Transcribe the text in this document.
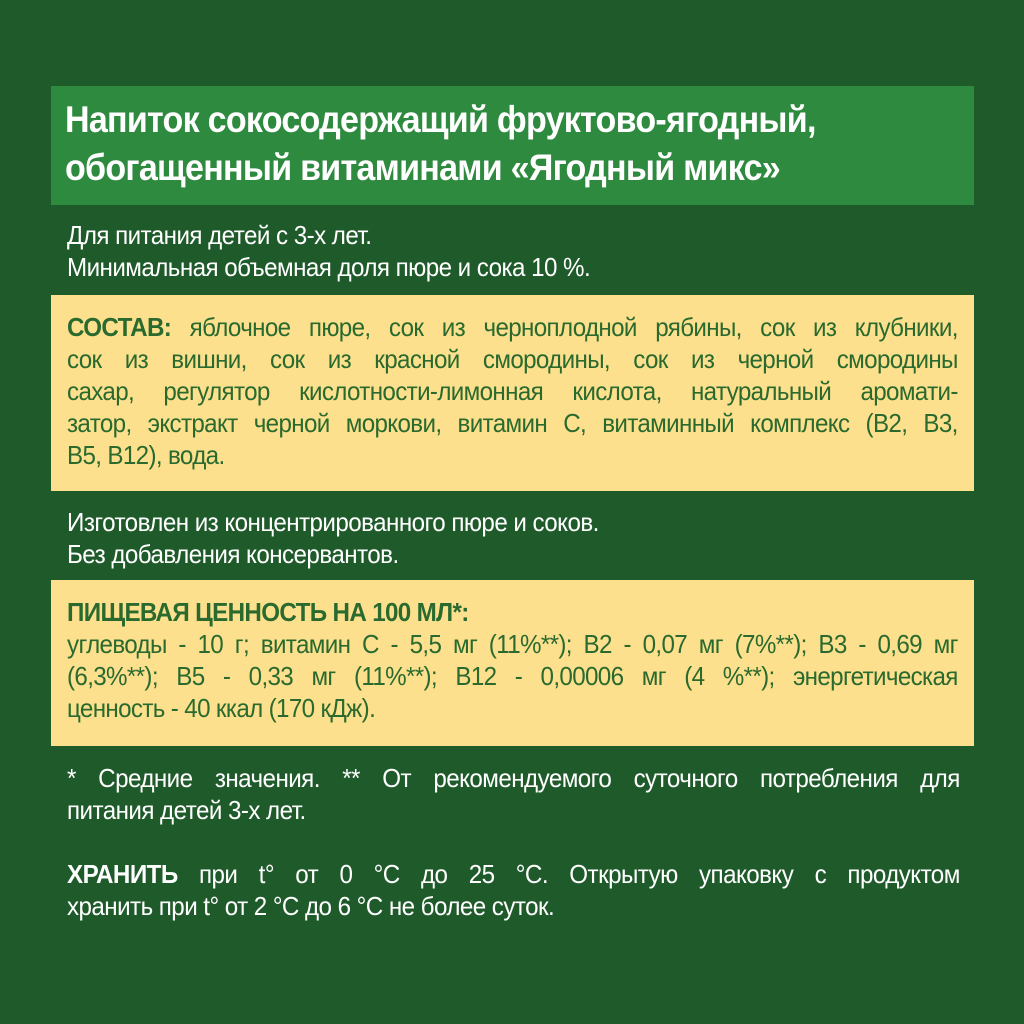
Напиток сокосодержащий фруктово-ягодный,
обогащенный витаминами «Ягодный микс»
Для питания детей с 3-х лет.
Минимальная объемная доля пюре и сока 10 %.
СОСТАВ: яблочное пюре, сок из черноплодной рябины, сок из клубники,
сок из вишни, сок из красной смородины, сок из черной смородины
сахар, регулятор кислотности-лимонная кислота, натуральный аромати-
затор, экстракт черной моркови, витамин С, витаминный комплекс (В2, В3,
В5, В12), вода.
Изготовлен из концентрированного пюре и соков.
Без добавления консервантов.
ПИЩЕВАЯ ЦЕННОСТЬ НА 100 МЛ*:
углеводы - 10 г; витамин С - 5,5 мг (11%**); В2 - 0,07 мг (7%**); В3 - 0,69 мг
(6,3%**); В5 - 0,33 мг (11%**); В12 - 0,00006 мг (4 %**); энергетическая
ценность - 40 ккал (170 кДж).
* Средние значения. ** От рекомендуемого суточного потребления для
питания детей 3-х лет.
ХРАНИТЬ при t° от 0 °С до 25 °С. Открытую упаковку с продуктом
хранить при t° от 2 °С до 6 °С не более суток.
